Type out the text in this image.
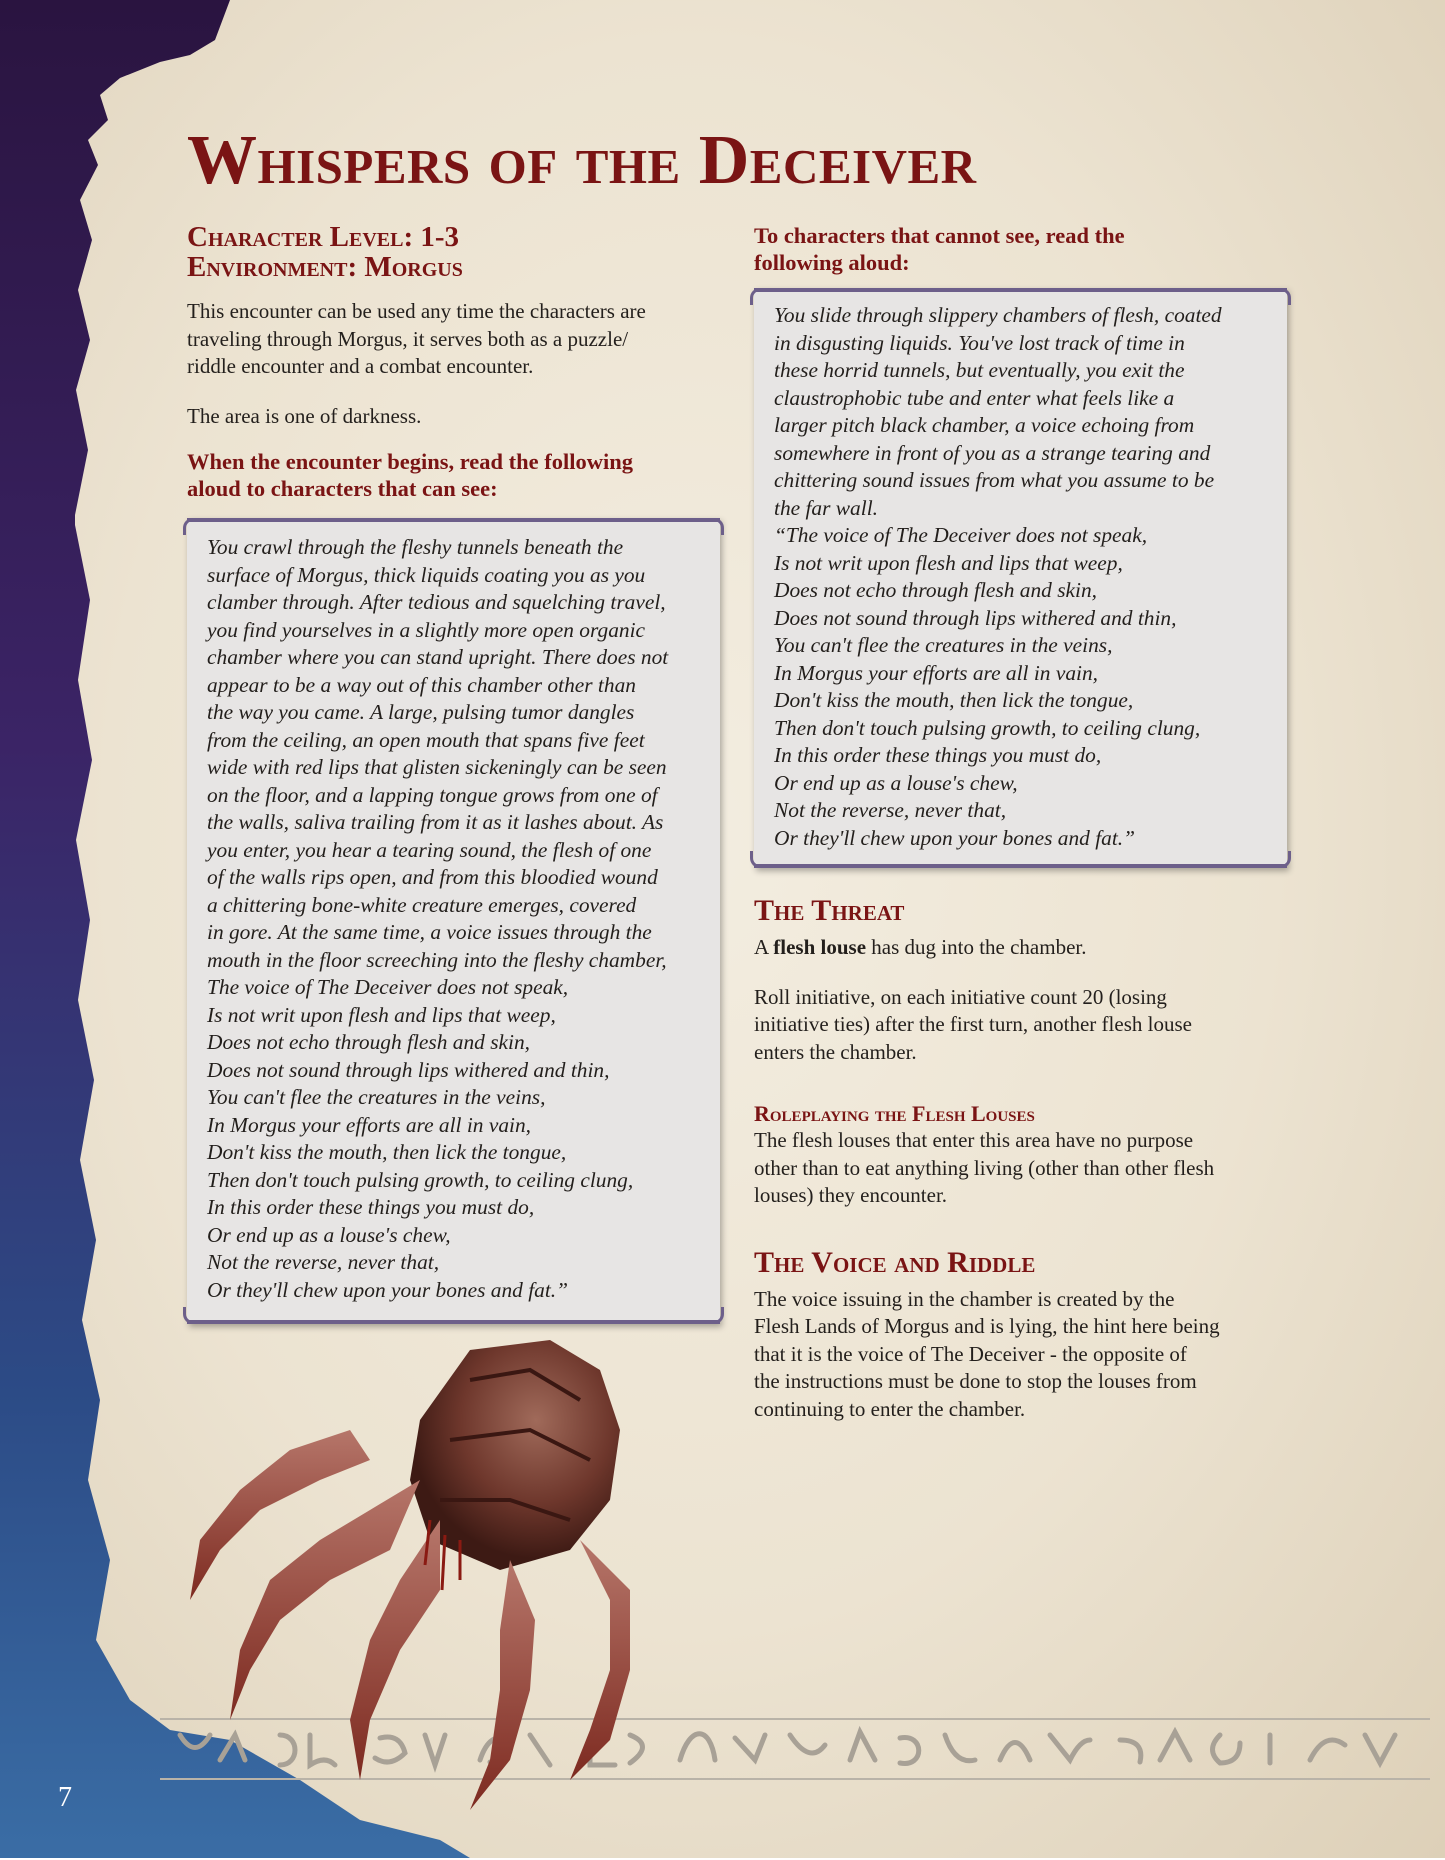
Whispers of the Deceiver
Character Level: 1-3
Environment: Morgus

This encounter can be used any time the characters are
traveling through Morgus, it serves both as a puzzle/
riddle encounter and a combat encounter.

The area is one of darkness.

When the encounter begins, read the following
aloud to characters that can see:
You crawl through the fleshy tunnels beneath the
surface of Morgus, thick liquids coating you as you
clamber through. After tedious and squelching travel,
you find yourselves in a slightly more open organic
chamber where you can stand upright. There does not
appear to be a way out of this chamber other than
the way you came. A large, pulsing tumor dangles
from the ceiling, an open mouth that spans five feet
wide with red lips that glisten sickeningly can be seen
on the floor, and a lapping tongue grows from one of
the walls, saliva trailing from it as it lashes about. As
you enter, you hear a tearing sound, the flesh of one
of the walls rips open, and from this bloodied wound
a chittering bone-white creature emerges, covered
in gore. At the same time, a voice issues through the
mouth in the floor screeching into the fleshy chamber,
The voice of The Deceiver does not speak,
Is not writ upon flesh and lips that weep,
Does not echo through flesh and skin,
Does not sound through lips withered and thin,
You can't flee the creatures in the veins,
In Morgus your efforts are all in vain,
Don't kiss the mouth, then lick the tongue,
Then don't touch pulsing growth, to ceiling clung,
In this order these things you must do,
Or end up as a louse's chew,
Not the reverse, never that,
Or they'll chew upon your bones and fat.”
To characters that cannot see, read the
following aloud:
You slide through slippery chambers of flesh, coated
in disgusting liquids. You've lost track of time in
these horrid tunnels, but eventually, you exit the
claustrophobic tube and enter what feels like a
larger pitch black chamber, a voice echoing from
somewhere in front of you as a strange tearing and
chittering sound issues from what you assume to be
the far wall.
“The voice of The Deceiver does not speak,
Is not writ upon flesh and lips that weep,
Does not echo through flesh and skin,
Does not sound through lips withered and thin,
You can't flee the creatures in the veins,
In Morgus your efforts are all in vain,
Don't kiss the mouth, then lick the tongue,
Then don't touch pulsing growth, to ceiling clung,
In this order these things you must do,
Or end up as a louse's chew,
Not the reverse, never that,
Or they'll chew upon your bones and fat.”
The Threat

A flesh louse has dug into the chamber.

Roll initiative, on each initiative count 20 (losing
initiative ties) after the first turn, another flesh louse
enters the chamber.

Roleplaying the Flesh Louses

The flesh louses that enter this area have no purpose
other than to eat anything living (other than other flesh
louses) they encounter.

The Voice and Riddle

The voice issuing in the chamber is created by the
Flesh Lands of Morgus and is lying, the hint here being
that it is the voice of The Deceiver - the opposite of
the instructions must be done to stop the louses from
continuing to enter the chamber.

7
